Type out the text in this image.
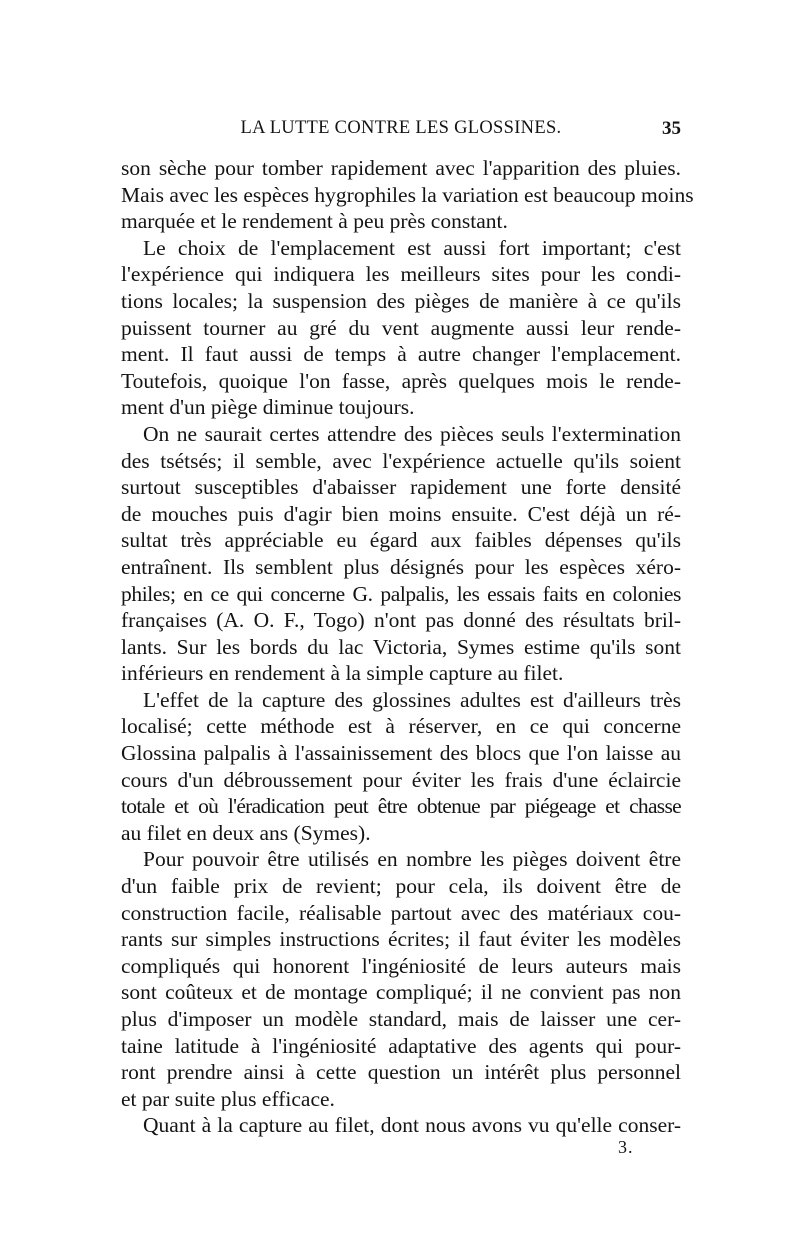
LA LUTTE CONTRE LES GLOSSINES.	35
son sèche pour tomber rapidement avec l'apparition des pluies.
Mais avec les espèces hygrophiles la variation est beaucoup moins
marquée et le rendement à peu près constant.
Le choix de l'emplacement est aussi fort important; c'est
l'expérience qui indiquera les meilleurs sites pour les condi-
tions locales; la suspension des pièges de manière à ce qu'ils
puissent tourner au gré du vent augmente aussi leur rende-
ment. Il faut aussi de temps à autre changer l'emplacement.
Toutefois, quoique l'on fasse, après quelques mois le rende-
ment d'un piège diminue toujours.
On ne saurait certes attendre des pièces seuls l'extermination
des tsétsés; il semble, avec l'expérience actuelle qu'ils soient
surtout susceptibles d'abaisser rapidement une forte densité
de mouches puis d'agir bien moins ensuite. C'est déjà un ré-
sultat très appréciable eu égard aux faibles dépenses qu'ils
entraînent. Ils semblent plus désignés pour les espèces xéro-
philes; en ce qui concerne G. palpalis, les essais faits en colonies
françaises (A. O. F., Togo) n'ont pas donné des résultats bril-
lants. Sur les bords du lac Victoria, Symes estime qu'ils sont
inférieurs en rendement à la simple capture au filet.
L'effet de la capture des glossines adultes est d'ailleurs très
localisé; cette méthode est à réserver, en ce qui concerne
Glossina palpalis à l'assainissement des blocs que l'on laisse au
cours d'un débroussement pour éviter les frais d'une éclaircie
totale et où l'éradication peut être obtenue par piégeage et chasse
au filet en deux ans (Symes).
Pour pouvoir être utilisés en nombre les pièges doivent être
d'un faible prix de revient; pour cela, ils doivent être de
construction facile, réalisable partout avec des matériaux cou-
rants sur simples instructions écrites; il faut éviter les modèles
compliqués qui honorent l'ingéniosité de leurs auteurs mais
sont coûteux et de montage compliqué; il ne convient pas non
plus d'imposer un modèle standard, mais de laisser une cer-
taine latitude à l'ingéniosité adaptative des agents qui pour-
ront prendre ainsi à cette question un intérêt plus personnel
et par suite plus efficace.
Quant à la capture au filet, dont nous avons vu qu'elle conser-
3.
